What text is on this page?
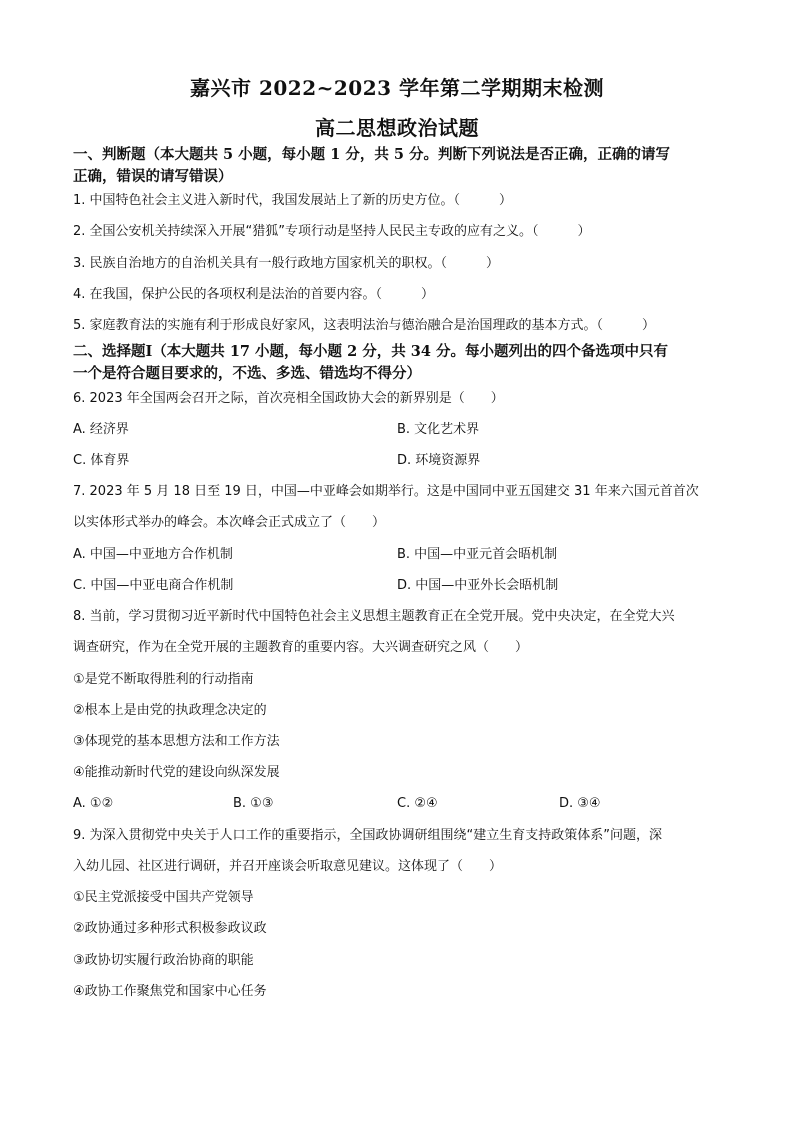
嘉兴市 2022~2023 学年第二学期期末检测
高二思想政治试题
一、判断题（本大题共 5 小题，每小题 1 分，共 5 分。判断下列说法是否正确，正确的请写
正确，错误的请写错误）
1. 中国特色社会主义进入新时代，我国发展站上了新的历史方位。（　　　）
2. 全国公安机关持续深入开展“猎狐”专项行动是坚持人民民主专政的应有之义。（　　　）
3. 民族自治地方的自治机关具有一般行政地方国家机关的职权。（　　　）
4. 在我国，保护公民的各项权利是法治的首要内容。（　　　）
5. 家庭教育法的实施有利于形成良好家风，这表明法治与德治融合是治国理政的基本方式。（　　　）
二、选择题Ⅰ（本大题共 17 小题，每小题 2 分，共 34 分。每小题列出的四个备选项中只有
一个是符合题目要求的，不选、多选、错选均不得分）
6. 2023 年全国两会召开之际，首次亮相全国政协大会的新界别是（　　）
A. 经济界	B. 文化艺术界
C. 体育界	D. 环境资源界
7. 2023 年 5 月 18 日至 19 日，中国—中亚峰会如期举行。这是中国同中亚五国建交 31 年来六国元首首次
以实体形式举办的峰会。本次峰会正式成立了（　　）
A. 中国—中亚地方合作机制	B. 中国—中亚元首会晤机制
C. 中国—中亚电商合作机制	D. 中国—中亚外长会晤机制
8. 当前，学习贯彻习近平新时代中国特色社会主义思想主题教育正在全党开展。党中央决定，在全党大兴
调查研究，作为在全党开展的主题教育的重要内容。大兴调查研究之风（　　）
①是党不断取得胜利的行动指南
②根本上是由党的执政理念决定的
③体现党的基本思想方法和工作方法
④能推动新时代党的建设向纵深发展
A. ①②	B. ①③	C. ②④	D. ③④
9. 为深入贯彻党中央关于人口工作的重要指示，全国政协调研组围绕“建立生育支持政策体系”问题，深
入幼儿园、社区进行调研，并召开座谈会听取意见建议。这体现了（　　）
①民主党派接受中国共产党领导
②政协通过多种形式积极参政议政
③政协切实履行政治协商的职能
④政协工作聚焦党和国家中心任务
